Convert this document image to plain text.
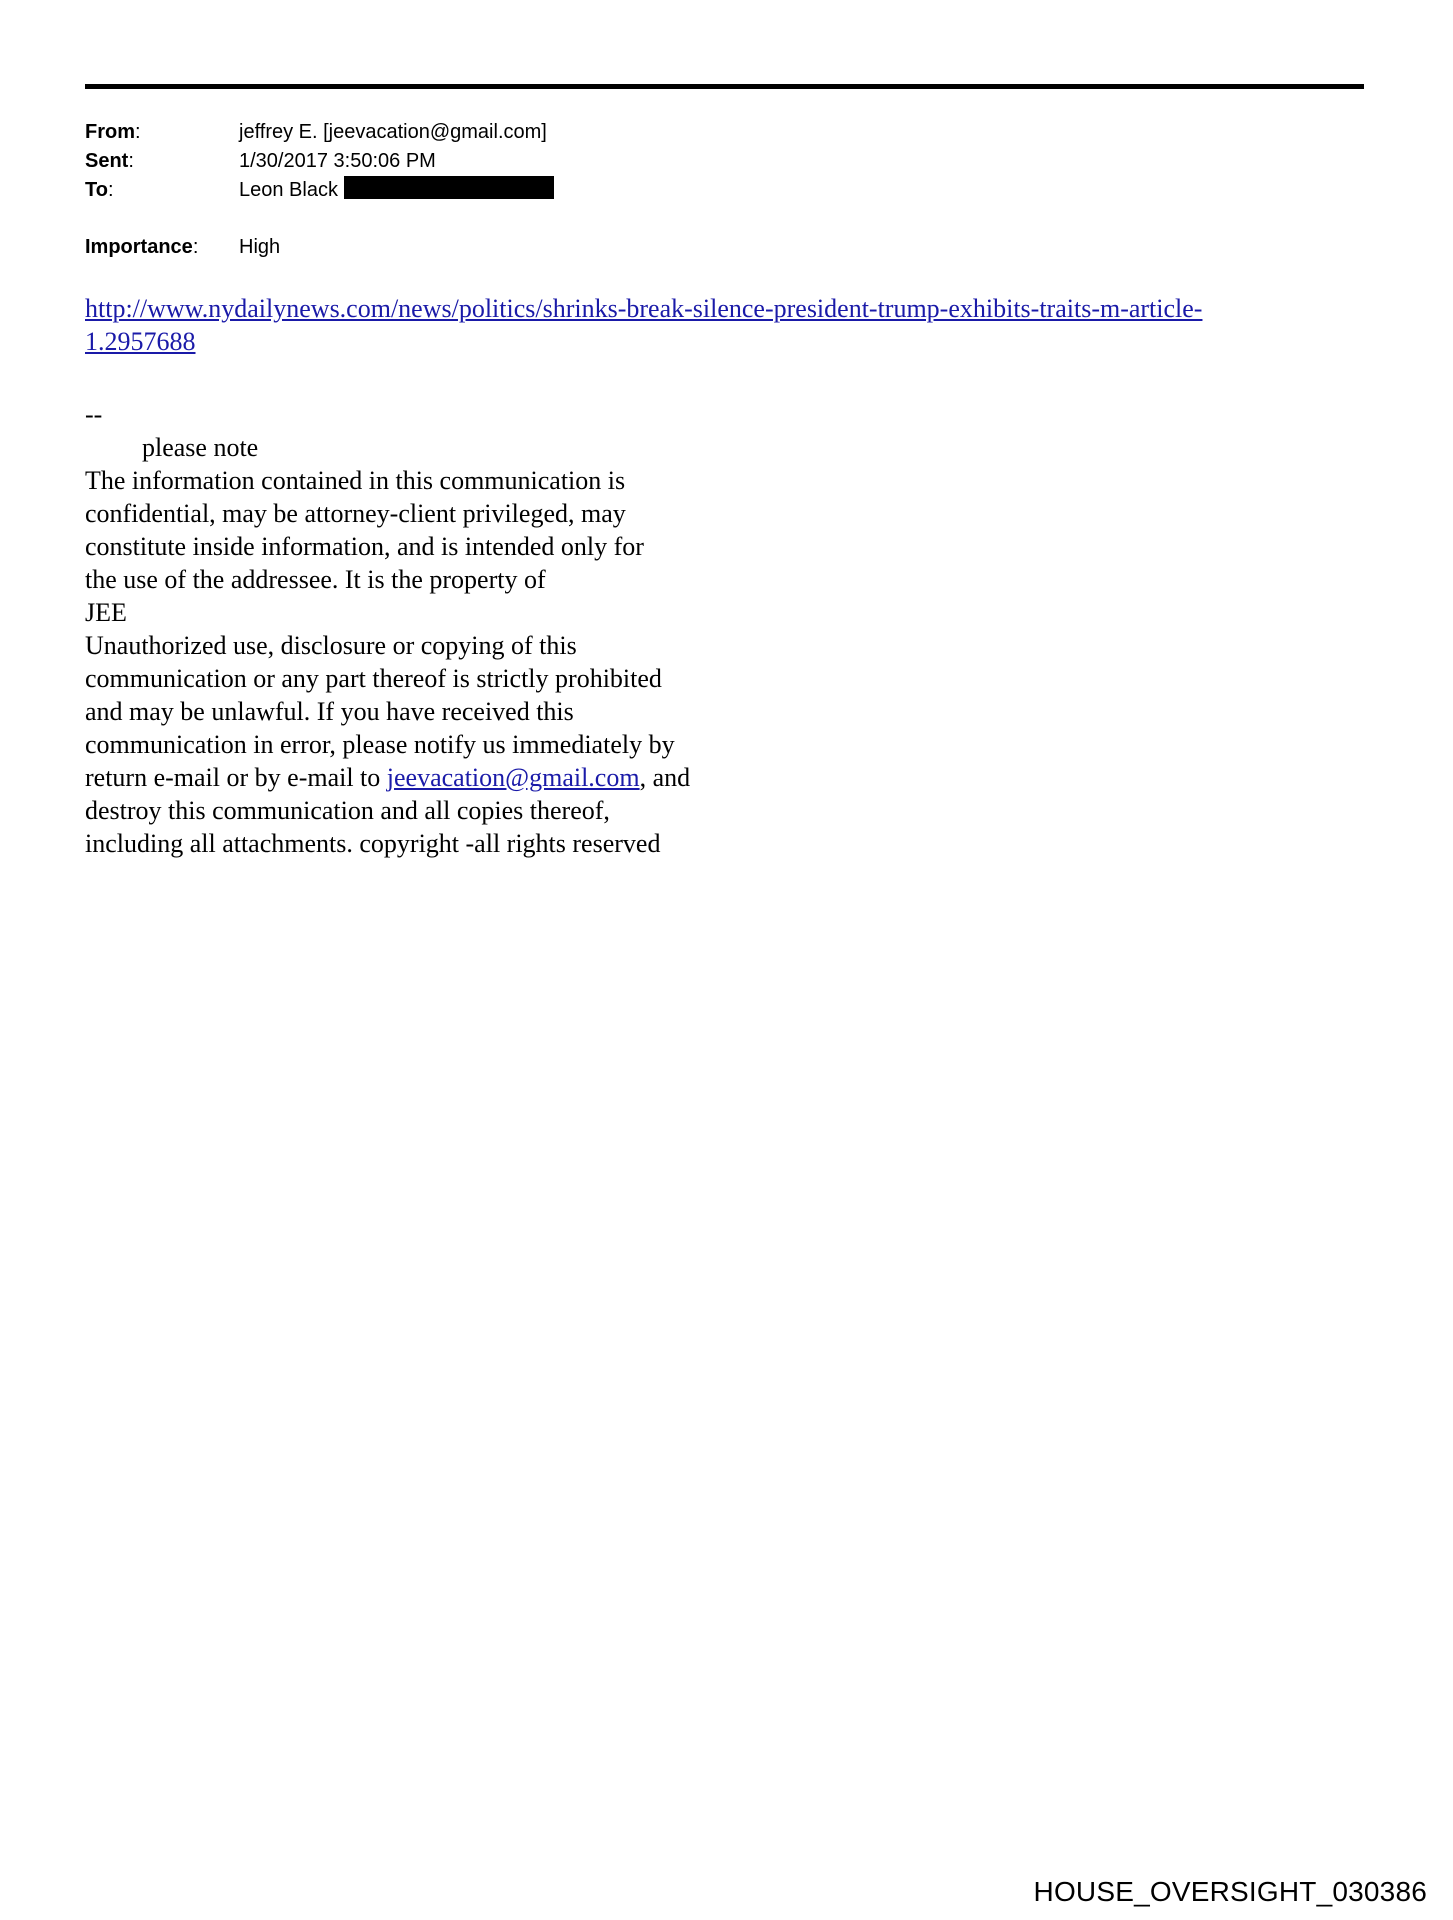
From:	jeffrey E. [jeevacation@gmail.com]
Sent:	1/30/2017 3:50:06 PM
To:	Leon Black
Importance:	High
http://www.nydailynews.com/news/politics/shrinks-break-silence-president-trump-exhibits-traits-m-article-
1.2957688
--
please note
The information contained in this communication is
confidential, may be attorney-client privileged, may
constitute inside information, and is intended only for
the use of the addressee. It is the property of
JEE
Unauthorized use, disclosure or copying of this
communication or any part thereof is strictly prohibited
and may be unlawful. If you have received this
communication in error, please notify us immediately by
return e-mail or by e-mail to jeevacation@gmail.com, and
destroy this communication and all copies thereof,
including all attachments. copyright -all rights reserved
HOUSE_OVERSIGHT_030386
